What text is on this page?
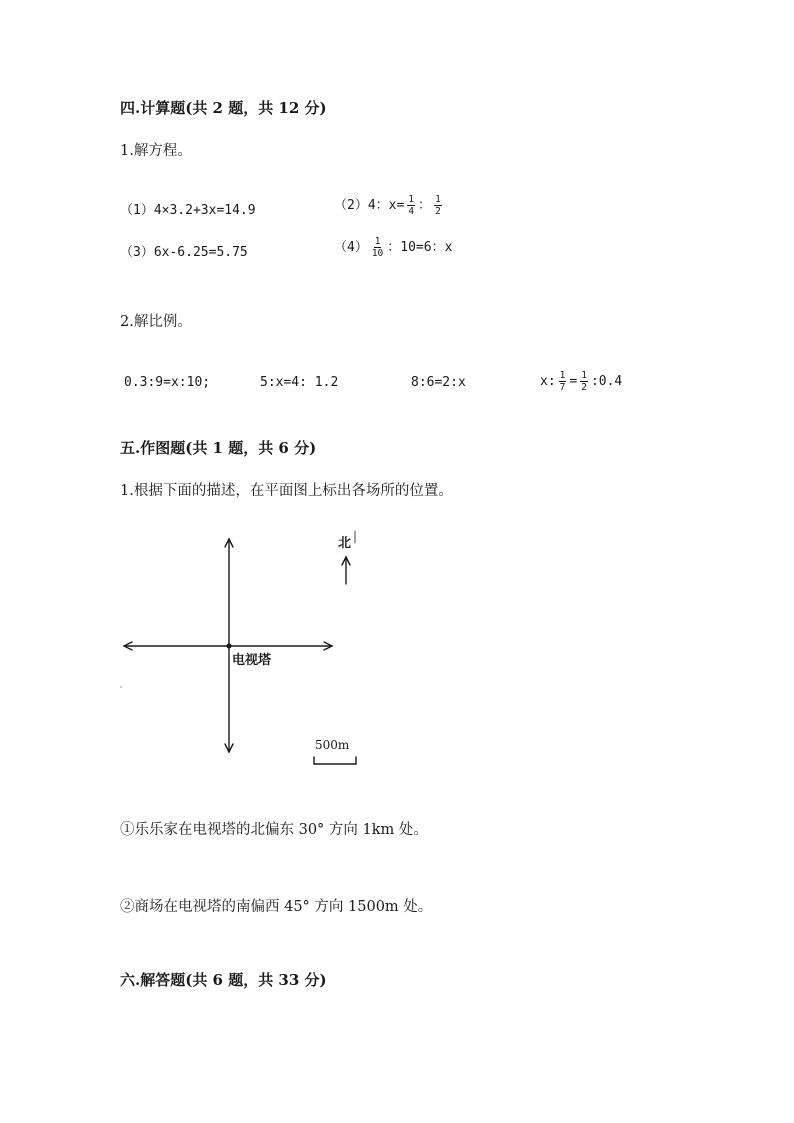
四.计算题(共 2 题，共 12 分)
1.解方程。
（1）4×3.2+3x=14.9	（2）4：$x= \frac{1}{4}$ ： $\frac{1}{2}$
（3）6x-6.25=5.75	$(4) \frac{1}{10}$ ：10=6：x
2.解比例。
0.3:9=x:10;	5:x=4: 1.2	8:6=2:x	x: $\frac{1}{7} = \frac{1}{2}$ :0.4
五.作图题(共 1 题，共 6 分)
1.根据下面的描述，在平面图上标出各场所的位置。
北
电视塔
500m
①乐乐家在电视塔的北偏东 30° 方向 1km 处。
②商场在电视塔的南偏西 45° 方向 1500m 处。
六.解答题(共 6 题，共 33 分)
